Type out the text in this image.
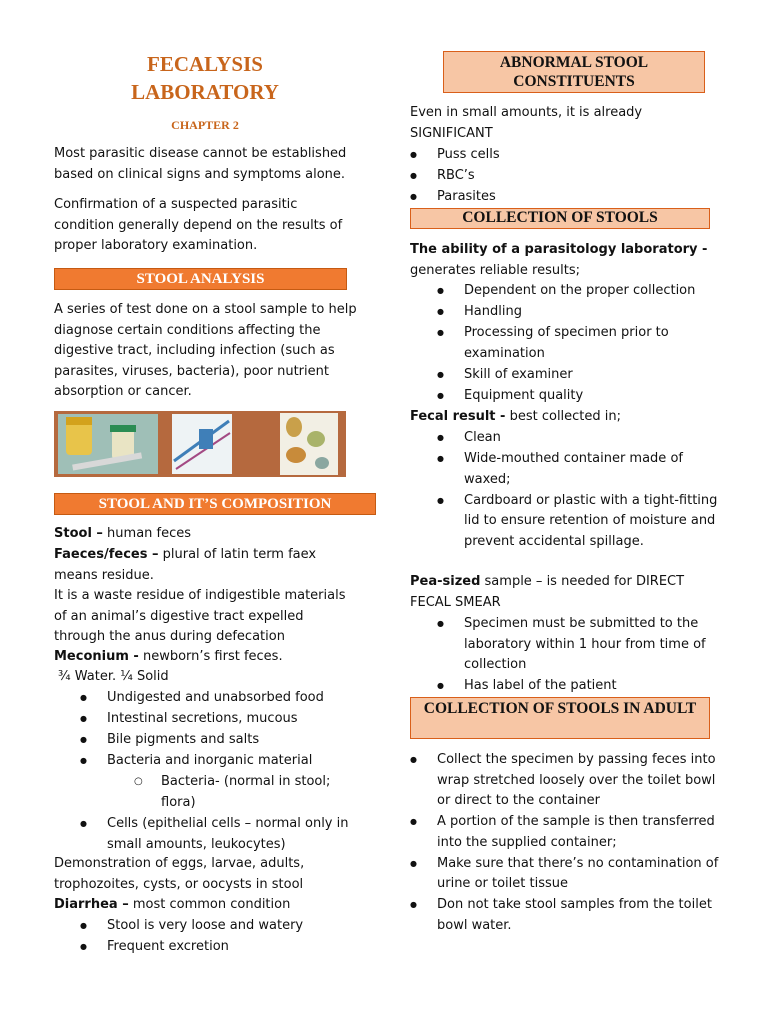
FECALYSIS
LABORATORY
CHAPTER 2
Most parasitic disease cannot be established based on clinical signs and symptoms alone.
Confirmation of a suspected parasitic condition generally depend on the results of proper laboratory examination.
STOOL ANALYSIS
A series of test done on a stool sample to help diagnose certain conditions affecting the digestive tract, including infection (such as parasites, viruses, bacteria), poor nutrient absorption or cancer.
STOOL AND IT’S COMPOSITION
Stool – human feces
Faeces/feces – plural of latin term faex means residue.
It is a waste residue of indigestible materials of an animal’s digestive tract expelled through the anus during defecation
Meconium - newborn’s first feces.
¾ Water. ¼ Solid
● Undigested and unabsorbed food
● Intestinal secretions, mucous
● Bile pigments and salts
● Bacteria and inorganic material
○ Bacteria- (normal in stool; flora)
● Cells (epithelial cells – normal only in small amounts, leukocytes)
Demonstration of eggs, larvae, adults, trophozoites, cysts, or oocysts in stool
Diarrhea – most common condition
● Stool is very loose and watery
● Frequent excretion
ABNORMAL STOOL CONSTITUENTS
Even in small amounts, it is already SIGNIFICANT
● Puss cells
● RBC’s
● Parasites
COLLECTION OF STOOLS
The ability of a parasitology laboratory - generates reliable results;
● Dependent on the proper collection
● Handling
● Processing of specimen prior to examination
● Skill of examiner
● Equipment quality
Fecal result - best collected in;
● Clean
● Wide-mouthed container made of waxed;
● Cardboard or plastic with a tight-fitting lid to ensure retention of moisture and prevent accidental spillage.
Pea-sized sample – is needed for DIRECT FECAL SMEAR
● Specimen must be submitted to the laboratory within 1 hour from time of collection
● Has label of the patient
COLLECTION OF STOOLS IN ADULT
● Collect the specimen by passing feces into wrap stretched loosely over the toilet bowl or direct to the container
● A portion of the sample is then transferred into the supplied container;
● Make sure that there’s no contamination of urine or toilet tissue
● Don not take stool samples from the toilet bowl water.
